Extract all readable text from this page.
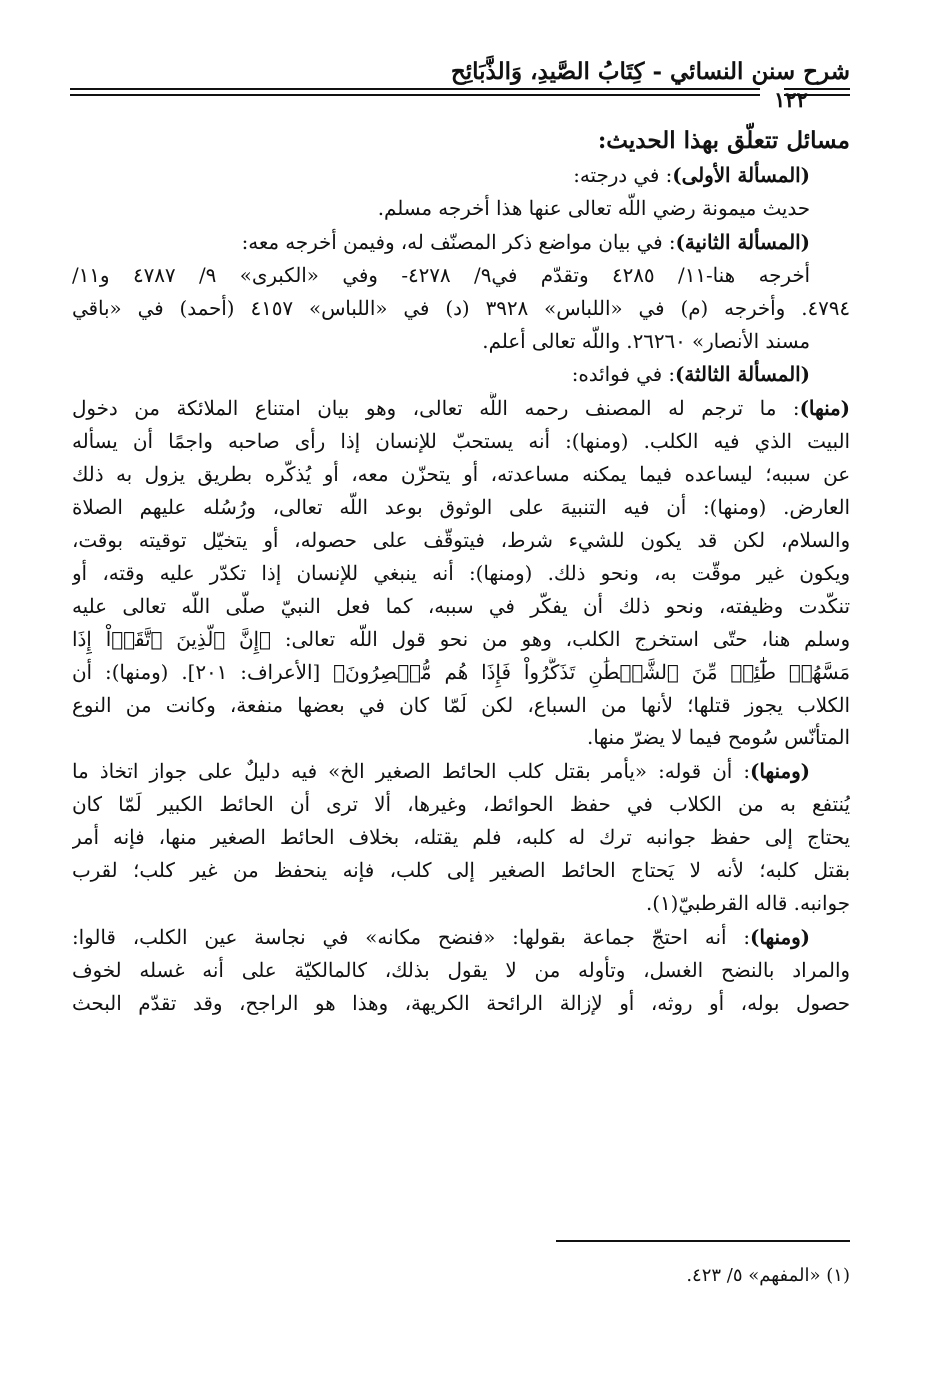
شرح سنن النسائي - كِتَابُ الصَّيدِ، وَالذَّبَائِح
١٢٢
مسائل تتعلّق بهذا الحديث:
(المسألة الأولى): في درجته:
حديث ميمونة رضي اللَّه تعالى عنها هذا أخرجه مسلم.
(المسألة الثانية): في بيان مواضع ذكر المصنّف له، وفيمن أخرجه معه:
أخرجه هنا-١١/ ٤٢٨٥ وتقدّم في٩/ ٤٢٧٨- وفي «الكبرى» ٩/ ٤٧٨٧ و١١/
٤٧٩٤. وأخرجه (م) في «اللباس» ٣٩٢٨ (د) في «اللباس» ٤١٥٧ (أحمد) في «باقي
مسند الأنصار» ٢٦٢٦٠. واللَّه تعالى أعلم.
(المسألة الثالثة): في فوائده:
(منها): ما ترجم له المصنف رحمه اللَّه تعالى، وهو بيان امتناع الملائكة من دخول
البيت الذي فيه الكلب. (ومنها): أنه يستحبّ للإنسان إذا رأى صاحبه واجمًا أن يسأله
عن سببه؛ ليساعده فيما يمكنه مساعدته، أو يتحزّن معه، أو يُذكّره بطريق يزول به ذلك
العارض. (ومنها): أن فيه التنبيهَ على الوثوق بوعد اللَّه تعالى، ورُسُله عليهم الصلاة
والسلام، لكن قد يكون للشيء شرط، فيتوقّف على حصوله، أو يتخيّل توقيته بوقت،
ويكون غير موقّت به، ونحو ذلك. (ومنها): أنه ينبغي للإنسان إذا تكدّر عليه وقته، أو
تنكّدت وظيفته، ونحو ذلك أن يفكّر في سببه، كما فعل النبيّ صلّى اللَّه تعالى عليه
وسلم هنا، حتّى استخرج الكلب، وهو من نحو قول اللَّه تعالى: ﴿إِنَّ ٱلَّذِينَ ٱتَّقَوۡاْ إِذَا
مَسَّهُمۡ طَٰٓئِفٞ مِّنَ ٱلشَّيۡطَٰنِ تَذَكَّرُواْ فَإِذَا هُم مُّبۡصِرُونَ﴾ [الأعراف: ٢٠١]. (ومنها): أن
الكلاب يجوز قتلها؛ لأنها من السباع، لكن لَمّا كان في بعضها منفعة، وكانت من النوع
المتأنّس سُومح فيما لا يضرّ منها.
(ومنها): أن قوله: «يأمر بقتل كلب الحائط الصغير الخ» فيه دليلٌ على جواز اتخاذ ما
يُنتفع به من الكلاب في حفظ الحوائط، وغيرها، ألا ترى أن الحائط الكبير لَمّا كان
يحتاج إلى حفظ جوانبه ترك له كلبه، فلم يقتله، بخلاف الحائط الصغير منها، فإنه أمر
بقتل كلبه؛ لأنه لا يَحتاج الحائط الصغير إلى كلب، فإنه ينحفظ من غير كلب؛ لقرب
جوانبه. قاله القرطبيّ(١).
(ومنها): أنه احتجّ جماعة بقولها: «فنضح مكانه» في نجاسة عين الكلب، قالوا:
والمراد بالنضح الغسل، وتأوله من لا يقول بذلك، كالمالكيّة على أنه غسله لخوف
حصول بوله، أو روثه، أو لإزالة الرائحة الكريهة، وهذا هو الراجح، وقد تقدّم البحث
(١) «المفهم» ٥/ ٤٢٣.
